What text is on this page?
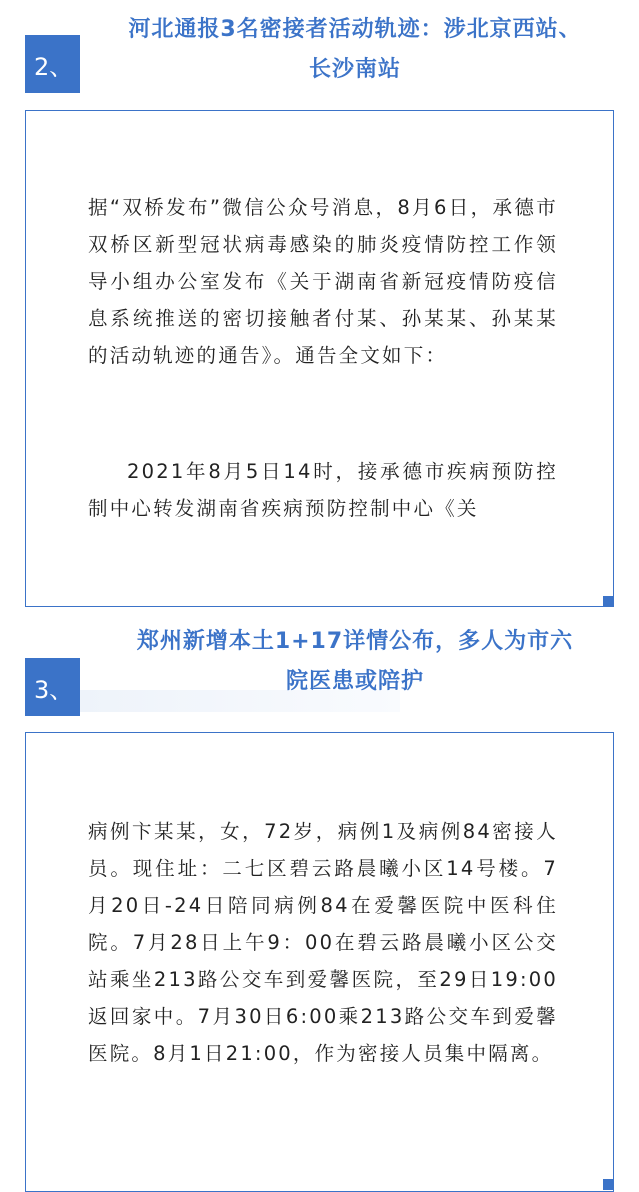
2、
河北通报3名密接者活动轨迹：涉北京西站、
长沙南站

据“双桥发布”微信公众号消息，8月6日，承德市双桥区新型冠状病毒感染的肺炎疫情防控工作领导小组办公室发布《关于湖南省新冠疫情防疫信息系统推送的密切接触者付某、孙某某、孙某某的活动轨迹的通告》。通告全文如下：

2021年8月5日14时，接承德市疾病预防控制中心转发湖南省疾病预防控制中心《关

3、
郑州新增本土1+17详情公布，多人为市六
院医患或陪护

病例卞某某，女，72岁，病例1及病例84密接人员。现住址：二七区碧云路晨曦小区14号楼。7月20日-24日陪同病例84在爱馨医院中医科住院。7月28日上午9：00在碧云路晨曦小区公交站乘坐213路公交车到爱馨医院，至29日19:00返回家中。7月30日6:00乘213路公交车到爱馨医院。8月1日21:00，作为密接人员集中隔离。
